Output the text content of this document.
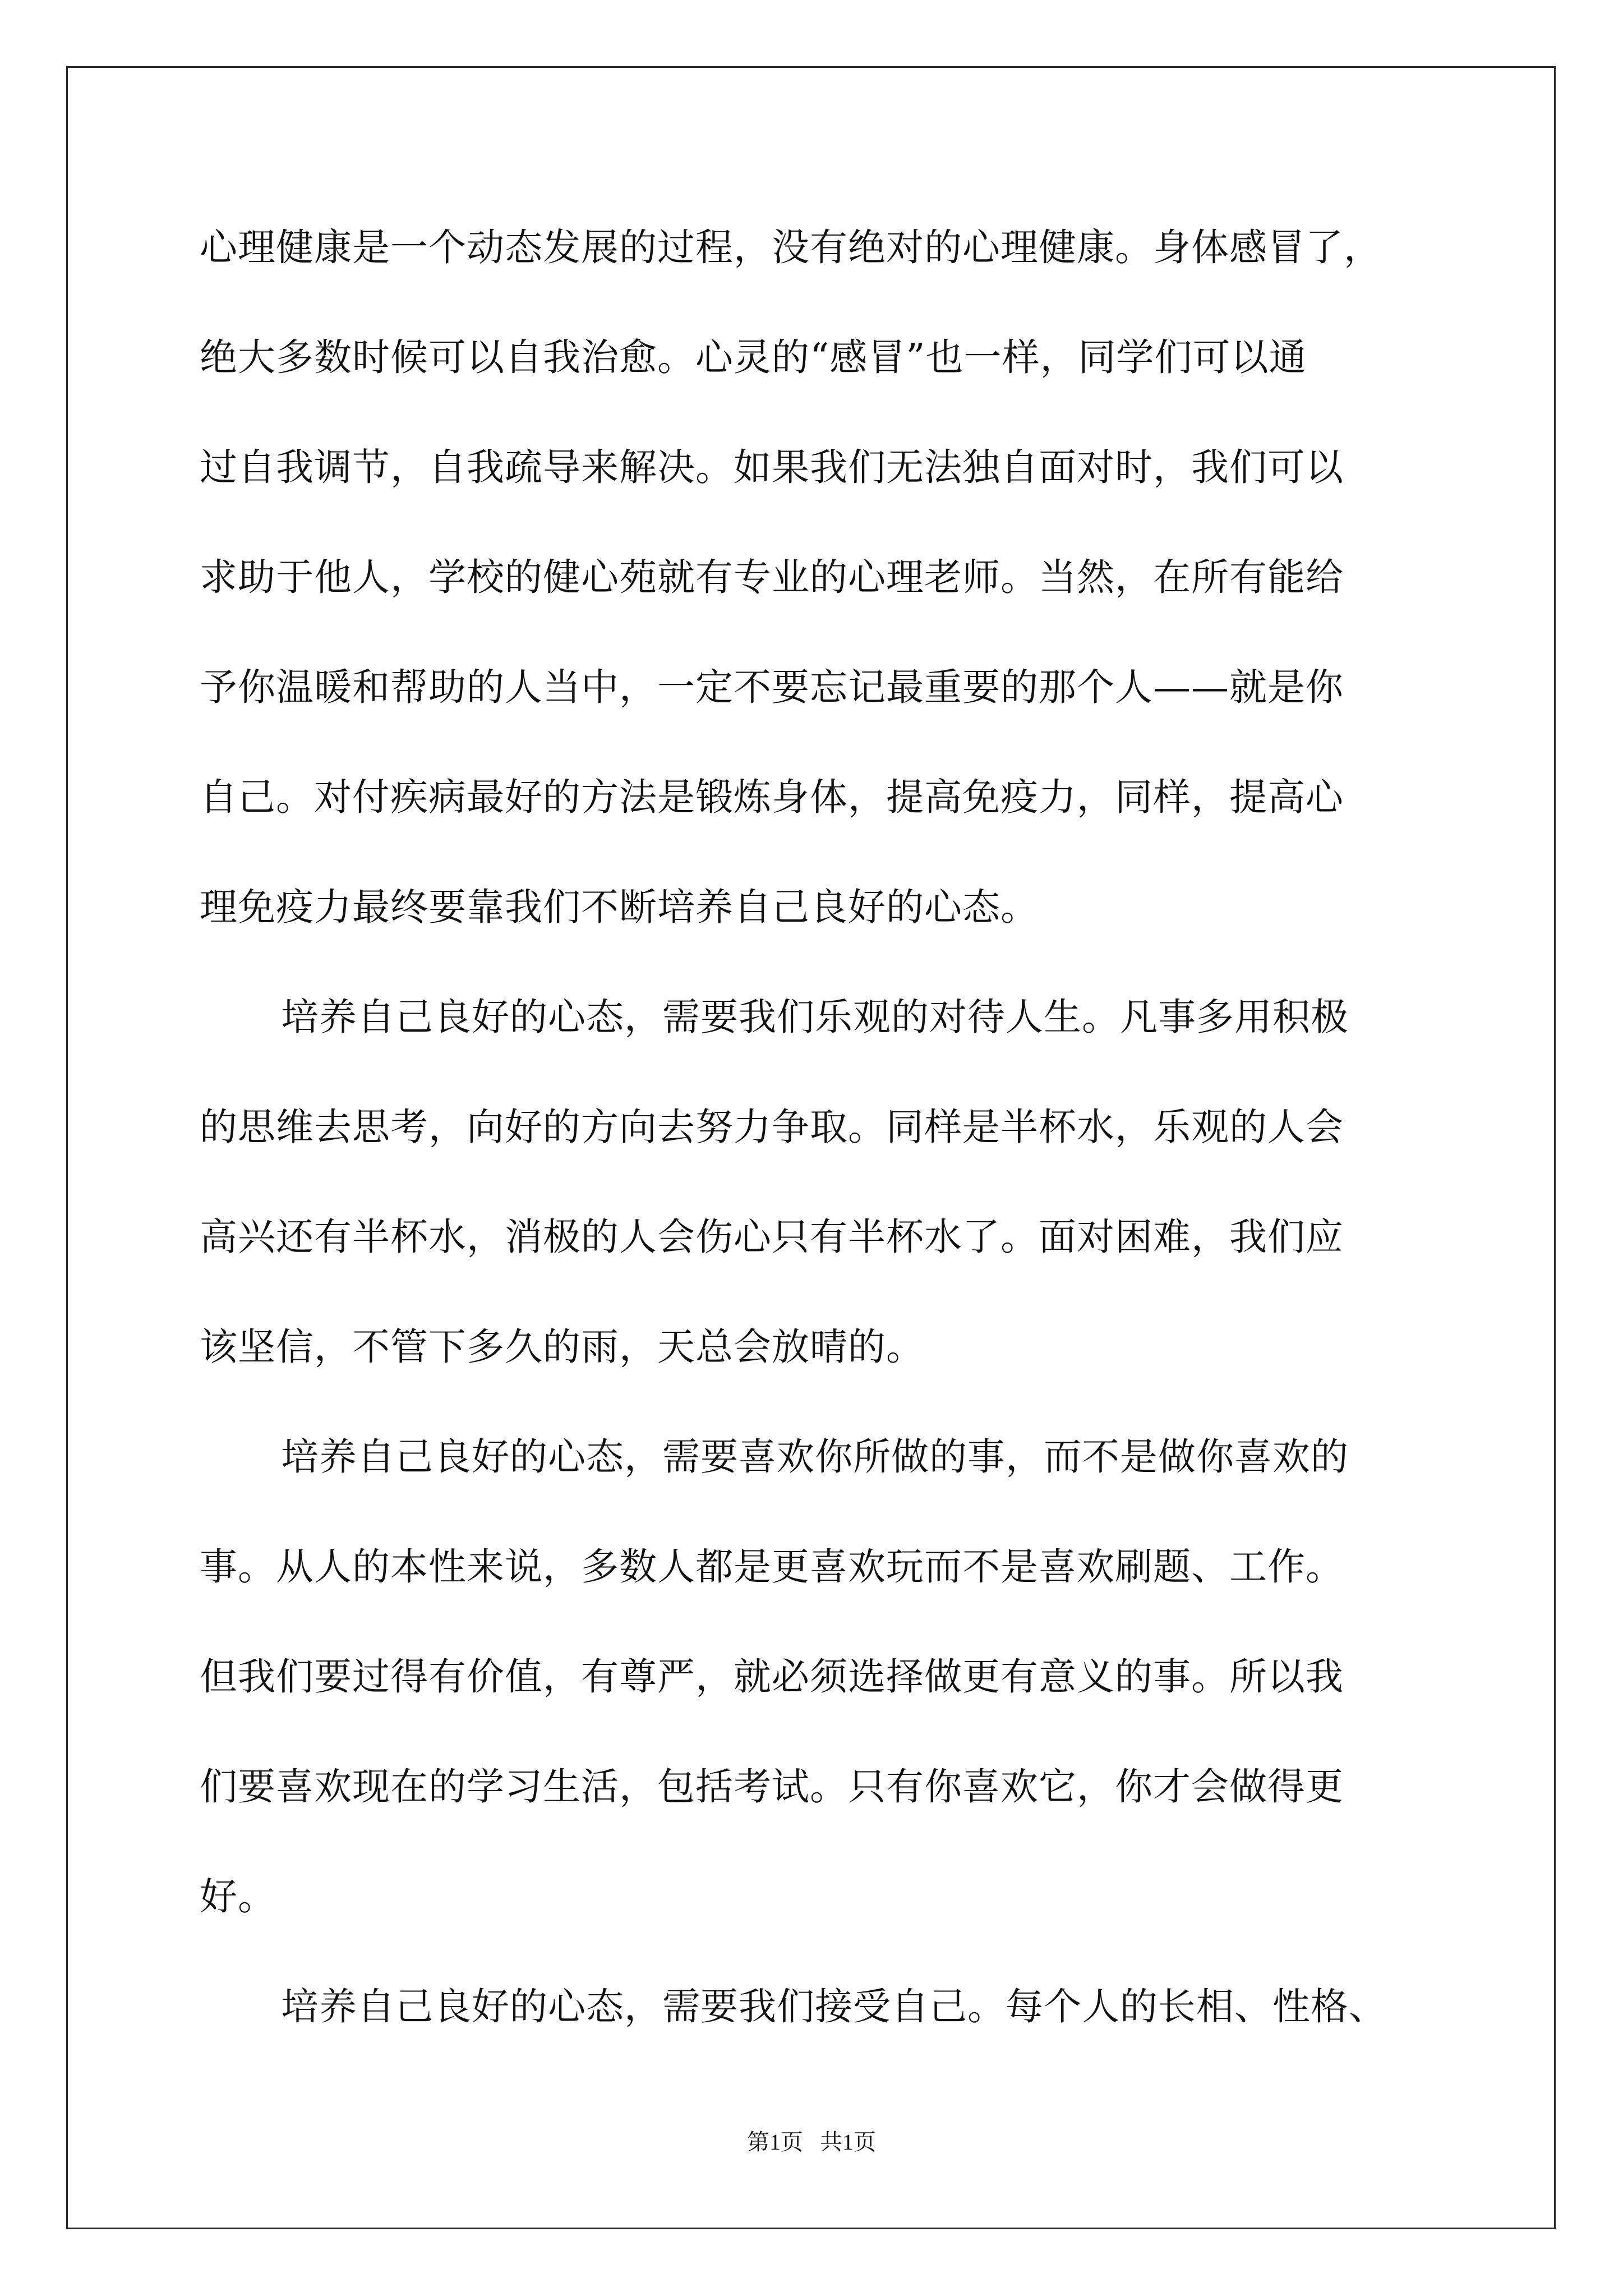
心理健康是一个动态发展的过程，没有绝对的心理健康。身体感冒了，

绝大多数时候可以自我治愈。心灵的“感冒”也一样，同学们可以通

过自我调节，自我疏导来解决。如果我们无法独自面对时，我们可以

求助于他人，学校的健心苑就有专业的心理老师。当然，在所有能给

予你温暖和帮助的人当中，一定不要忘记最重要的那个人——就是你

自己。对付疾病最好的方法是锻炼身体，提高免疫力，同样，提高心

理免疫力最终要靠我们不断培养自己良好的心态。

培养自己良好的心态，需要我们乐观的对待人生。凡事多用积极

的思维去思考，向好的方向去努力争取。同样是半杯水，乐观的人会

高兴还有半杯水，消极的人会伤心只有半杯水了。面对困难，我们应

该坚信，不管下多久的雨，天总会放晴的。

培养自己良好的心态，需要喜欢你所做的事，而不是做你喜欢的

事。从人的本性来说，多数人都是更喜欢玩而不是喜欢刷题、工作。

但我们要过得有价值，有尊严，就必须选择做更有意义的事。所以我

们要喜欢现在的学习生活，包括考试。只有你喜欢它，你才会做得更

好。

培养自己良好的心态，需要我们接受自己。每个人的长相、性格、

第1页   共1页
